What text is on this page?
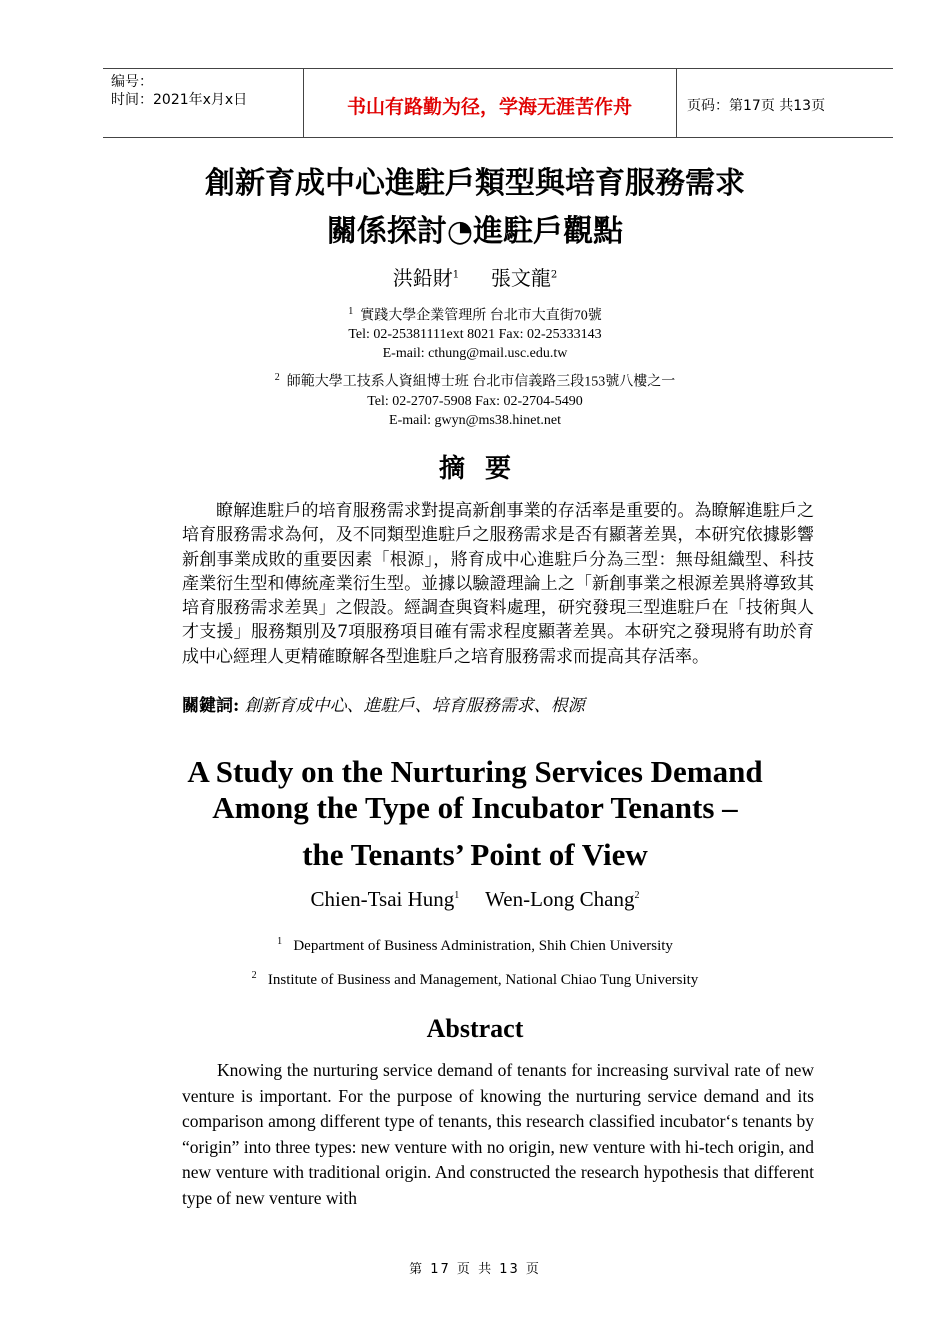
编号：
时间：2021年x月x日	书山有路勤为径，学海无涯苦作舟	页码：第17页 共13页
創新育成中心進駐戶類型與培育服務需求
關係探討◔進駐戶觀點
洪鉛財$^1$ 張文龍$^2$
$^1$ 實踐大學企業管理所 台北市大直街70號
Tel: 02-25381111ext 8021 Fax: 02-25333143
E-mail: cthung@mail.usc.edu.tw
$^2$ 師範大學工技系人資組博士班 台北市信義路三段153號八樓之一
Tel: 02-2707-5908 Fax: 02-2704-5490
E-mail: gwyn@ms38.hinet.net
摘要
瞭解進駐戶的培育服務需求對提高新創事業的存活率是重要的。為瞭解進駐戶之培育服務需求為何，及不同類型進駐戶之服務需求是否有顯著差異，本研究依據影響新創事業成敗的重要因素「根源」，將育成中心進駐戶分為三型：無母組織型、科技產業衍生型和傳統產業衍生型。並據以驗證理論上之「新創事業之根源差異將導致其培育服務需求差異」之假設。經調查與資料處理，研究發現三型進駐戶在「技術與人才支援」服務類別及7項服務項目確有需求程度顯著差異。本研究之發現將有助於育成中心經理人更精確瞭解各型進駐戶之培育服務需求而提高其存活率。
關鍵詞: 創新育成中心、進駐戶、培育服務需求、根源
A Study on the Nurturing Services Demand
Among the Type of Incubator Tenants –
the Tenants’ Point of View
Chien-Tsai Hung$^1$ Wen-Long Chang$^2$
$^1$ Department of Business Administration, Shih Chien University
$^2$ Institute of Business and Management, National Chiao Tung University
Abstract
Knowing the nurturing service demand of tenants for increasing survival rate of new venture is important. For the purpose of knowing the nurturing service demand and its comparison among different type of tenants, this research classified incubator‘s tenants by “origin” into three types: new venture with no origin, new venture with hi-tech origin, and new venture with traditional origin. And constructed the research hypothesis that different type of new venture with
第 17 页 共 13 页
